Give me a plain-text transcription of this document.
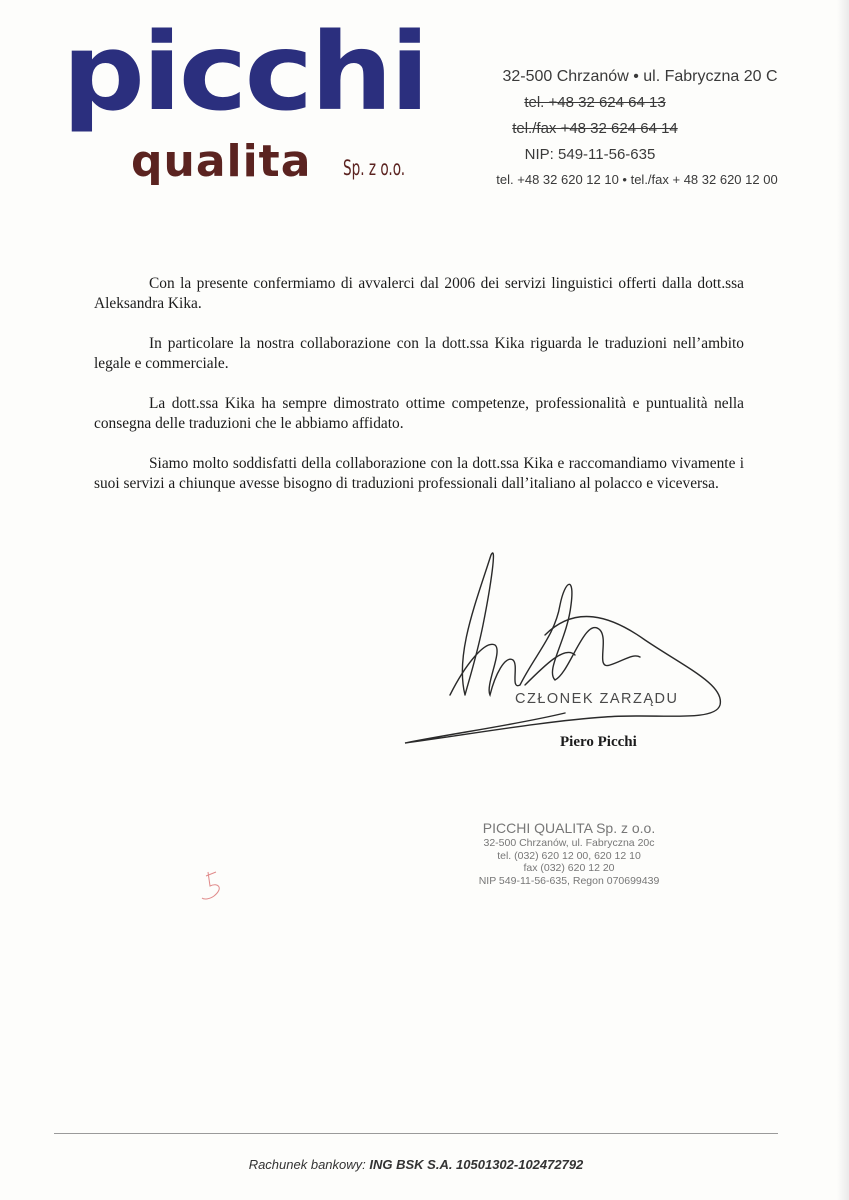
picchi
qualita Sp. z o.o.
32-500 Chrzanów • ul. Fabryczna 20 C
tel. +48 32 624 64 13
tel./fax +48 32 624 64 14
NIP: 549-11-56-635
tel. +48 32 620 12 10 • tel./fax + 48 32 620 12 00

Con la presente confermiamo di avvalerci dal 2006 dei servizi linguistici offerti dalla dott.ssa Aleksandra Kika.

In particolare la nostra collaborazione con la dott.ssa Kika riguarda le traduzioni nell’ambito legale e commerciale.

La dott.ssa Kika ha sempre dimostrato ottime competenze, professionalità e puntualità nella consegna delle traduzioni che le abbiamo affidato.

Siamo molto soddisfatti della collaborazione con la dott.ssa Kika e raccomandiamo vivamente i suoi servizi a chiunque avesse bisogno di traduzioni professionali dall’italiano al polacco e viceversa.

CZŁONEK ZARZĄDU
Piero Picchi
PICCHI QUALITA Sp. z o.o.
32-500 Chrzanów, ul. Fabryczna 20c
tel. (032) 620 12 00, 620 12 10
fax (032) 620 12 20
NIP 549-11-56-635, Regon 070699439
Rachunek bankowy: ING BSK S.A. 10501302-102472792
